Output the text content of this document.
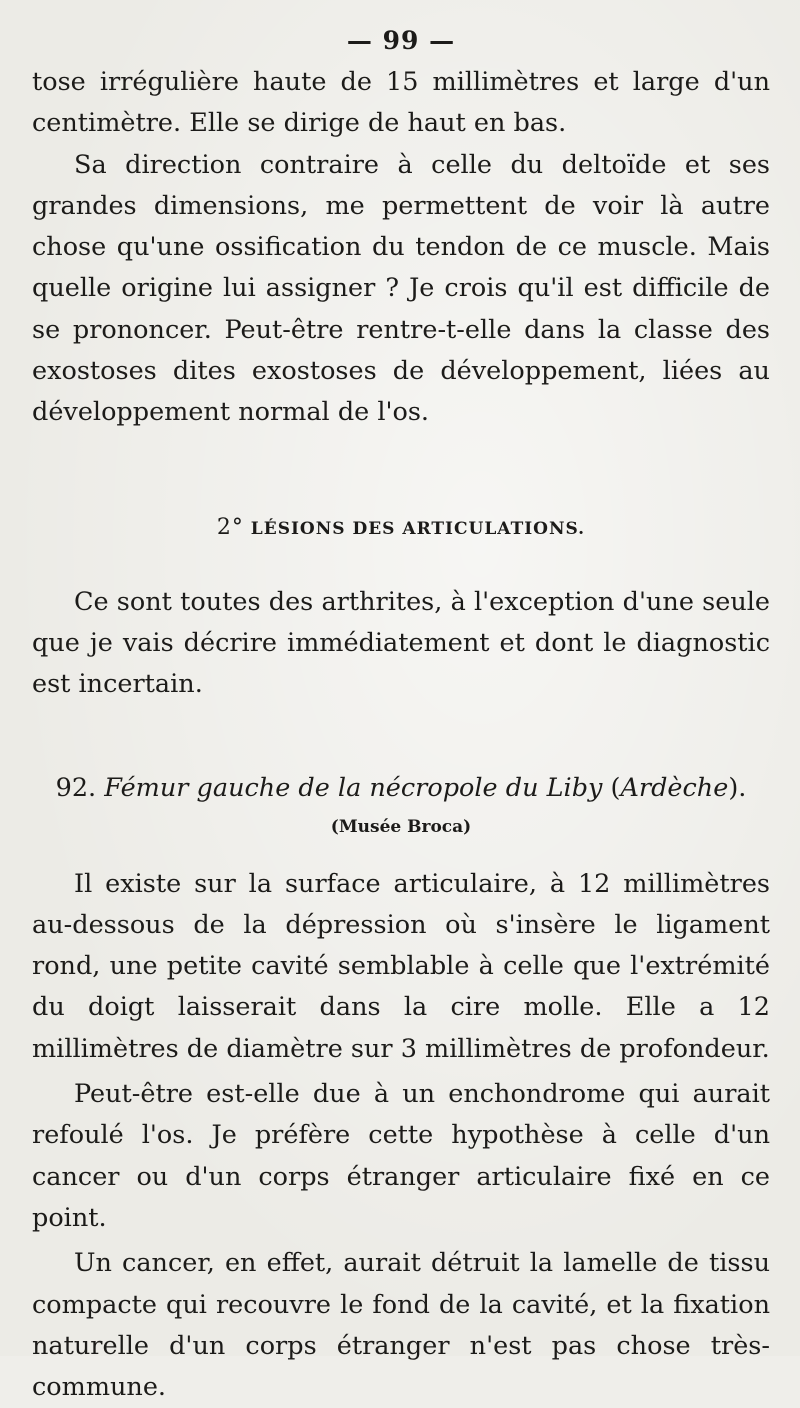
— 99 —

tose irrégulière haute de 15 millimètres et large d'un centimètre. Elle se dirige de haut en bas.

Sa direction contraire à celle du deltoïde et ses grandes dimensions, me permettent de voir là autre chose qu'une ossification du tendon de ce muscle. Mais quelle origine lui assigner ? Je crois qu'il est difficile de se prononcer. Peut-être rentre-t-elle dans la classe des exostoses dites exostoses de développement, liées au développement normal de l'os.

2° LÉSIONS DES ARTICULATIONS.

Ce sont toutes des arthrites, à l'exception d'une seule que je vais décrire immédiatement et dont le diagnostic est incertain.

92. Fémur gauche de la nécropole du Liby (Ardèche).
(Musée Broca)

Il existe sur la surface articulaire, à 12 millimètres au-dessous de la dépression où s'insère le ligament rond, une petite cavité semblable à celle que l'extrémité du doigt laisserait dans la cire molle. Elle a 12 millimètres de diamètre sur 3 millimètres de profondeur.

Peut-être est-elle due à un enchondrome qui aurait refoulé l'os. Je préfère cette hypothèse à celle d'un cancer ou d'un corps étranger articulaire fixé en ce point.

Un cancer, en effet, aurait détruit la lamelle de tissu compacte qui recouvre le fond de la cavité, et la fixation naturelle d'un corps étranger n'est pas chose très-commune.
